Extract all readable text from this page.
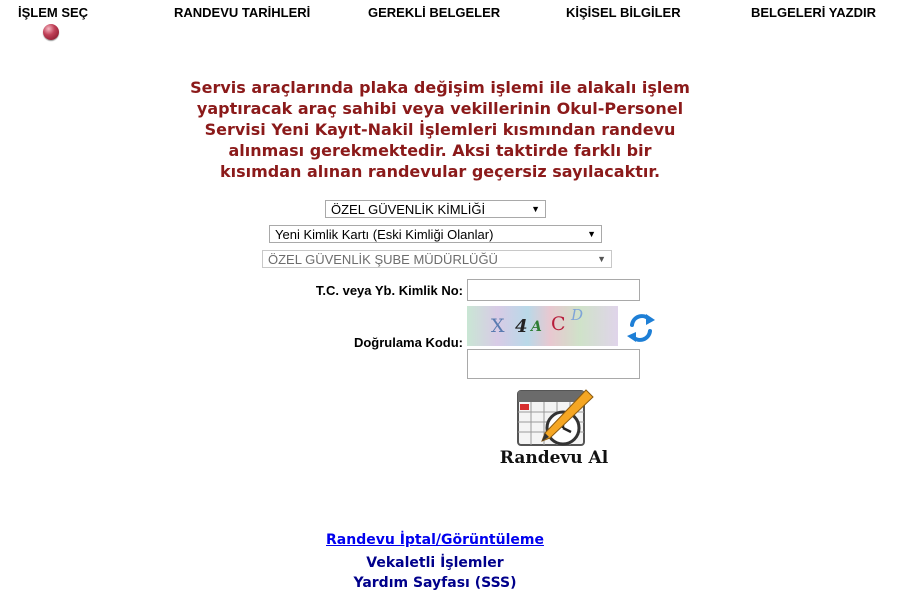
İŞLEM SEÇ	RANDEVU TARİHLERİ	GEREKLİ BELGELER	KİŞİSEL BİLGİLER	BELGELERİ YAZDIR
Servis araçlarında plaka değişim işlemi ile alakalı işlem yaptıracak araç sahibi veya vekillerinin Okul-Personel Servisi Yeni Kayıt-Nakil İşlemleri kısmından randevu alınması gerekmektedir. Aksi taktirde farklı bir kısımdan alınan randevular geçersiz sayılacaktır.
ÖZEL GÜVENLİK KİMLİĞİ	▼
Yeni Kimlik Kartı (Eski Kimliği Olanlar)	▼
ÖZEL GÜVENLİK ŞUBE MÜDÜRLÜĞÜ	▼
T.C. veya Yb. Kimlik No:
Doğrulama Kodu:
X 4 A C D
Randevu Al
Randevu İptal/Görüntüleme
Vekaletli İşlemler
Yardım Sayfası (SSS)
